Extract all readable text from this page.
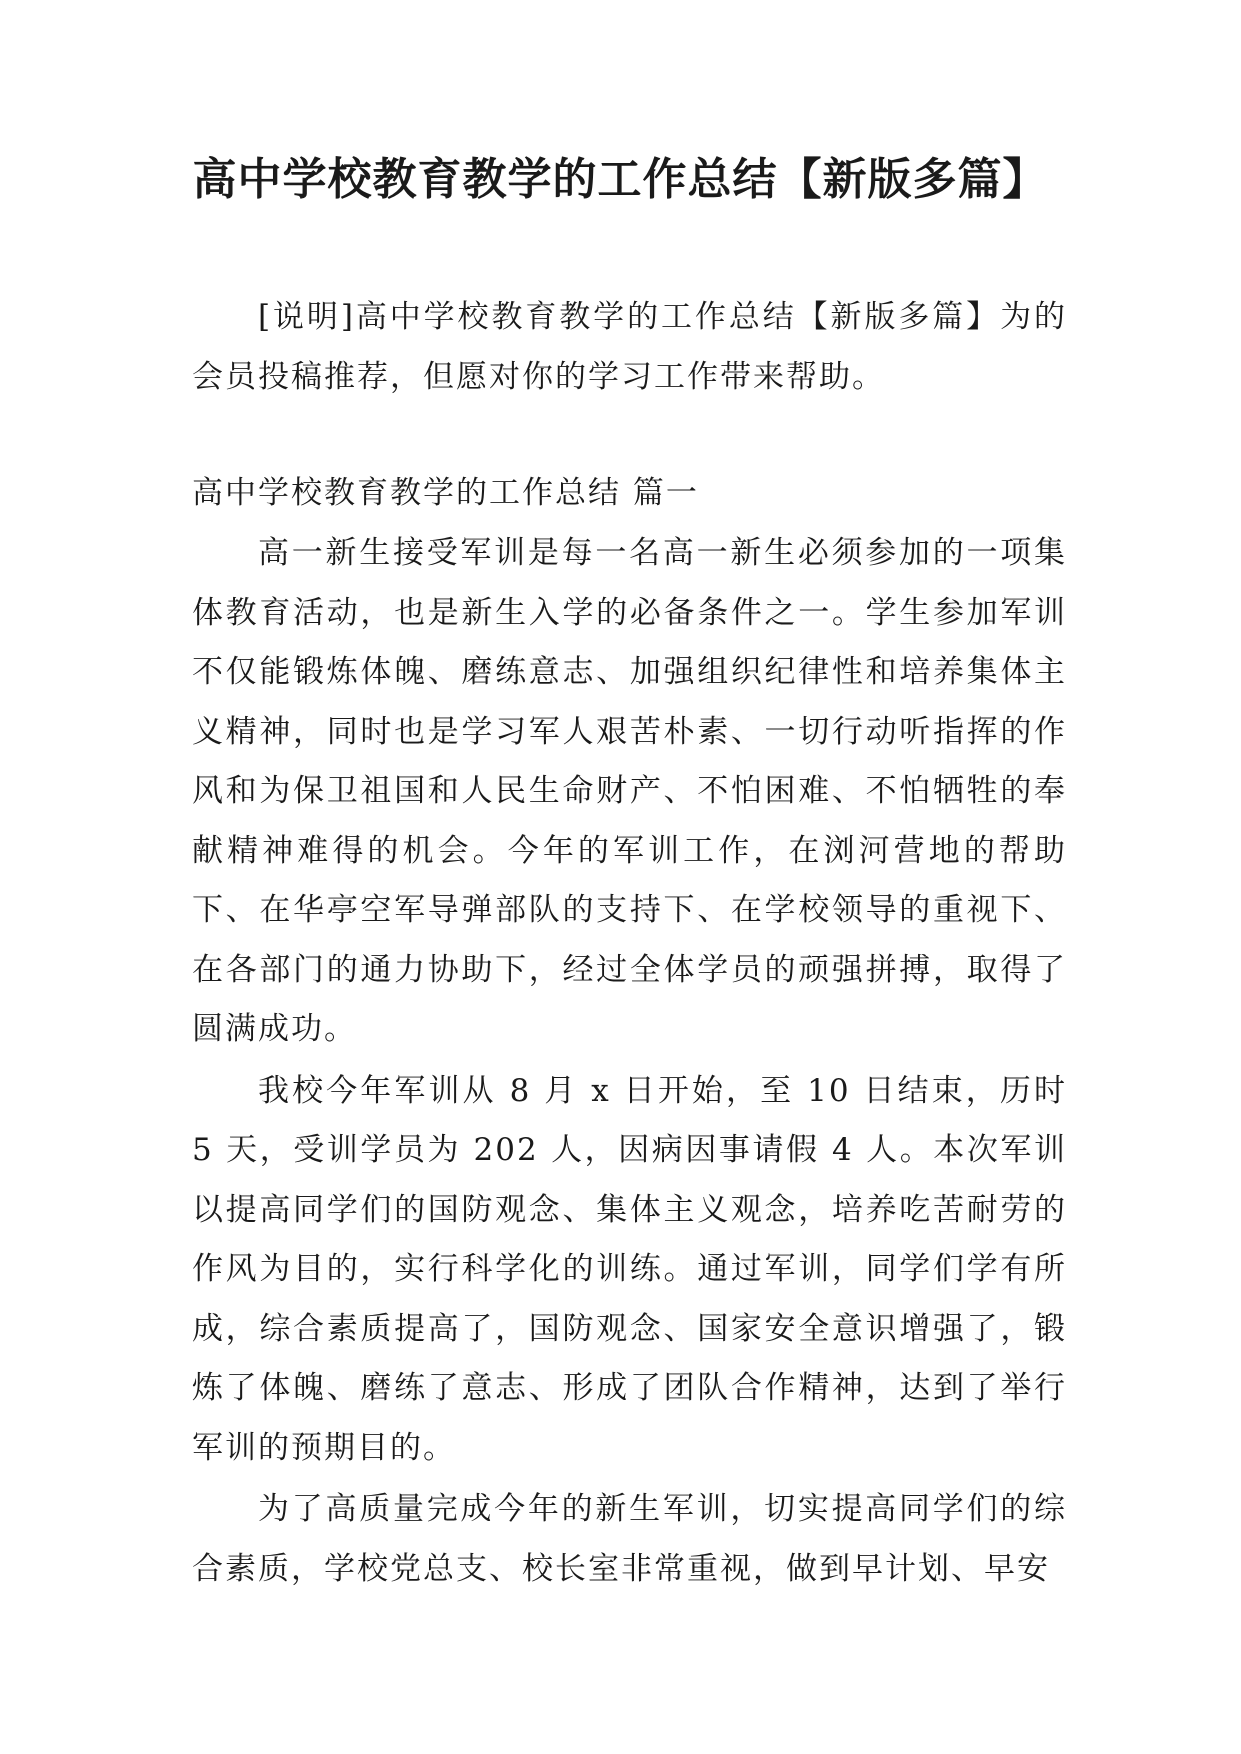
高中学校教育教学的工作总结【新版多篇】

[说明]高中学校教育教学的工作总结【新版多篇】为的会员投稿推荐，但愿对你的学习工作带来帮助。

高中学校教育教学的工作总结 篇一

高一新生接受军训是每一名高一新生必须参加的一项集体教育活动，也是新生入学的必备条件之一。学生参加军训不仅能锻炼体魄、磨练意志、加强组织纪律性和培养集体主义精神，同时也是学习军人艰苦朴素、一切行动听指挥的作风和为保卫祖国和人民生命财产、不怕困难、不怕牺牲的奉献精神难得的机会。今年的军训工作，在浏河营地的帮助下、在华亭空军导弹部队的支持下、在学校领导的重视下、在各部门的通力协助下，经过全体学员的顽强拼搏，取得了圆满成功。

我校今年军训从 8 月 x 日开始，至 10 日结束，历时 5 天，受训学员为 202 人，因病因事请假 4 人。本次军训以提高同学们的国防观念、集体主义观念，培养吃苦耐劳的作风为目的，实行科学化的训练。通过军训，同学们学有所成，综合素质提高了，国防观念、国家安全意识增强了，锻炼了体魄、磨练了意志、形成了团队合作精神，达到了举行军训的预期目的。

为了高质量完成今年的新生军训，切实提高同学们的综合素质，学校党总支、校长室非常重视，做到早计划、早安
